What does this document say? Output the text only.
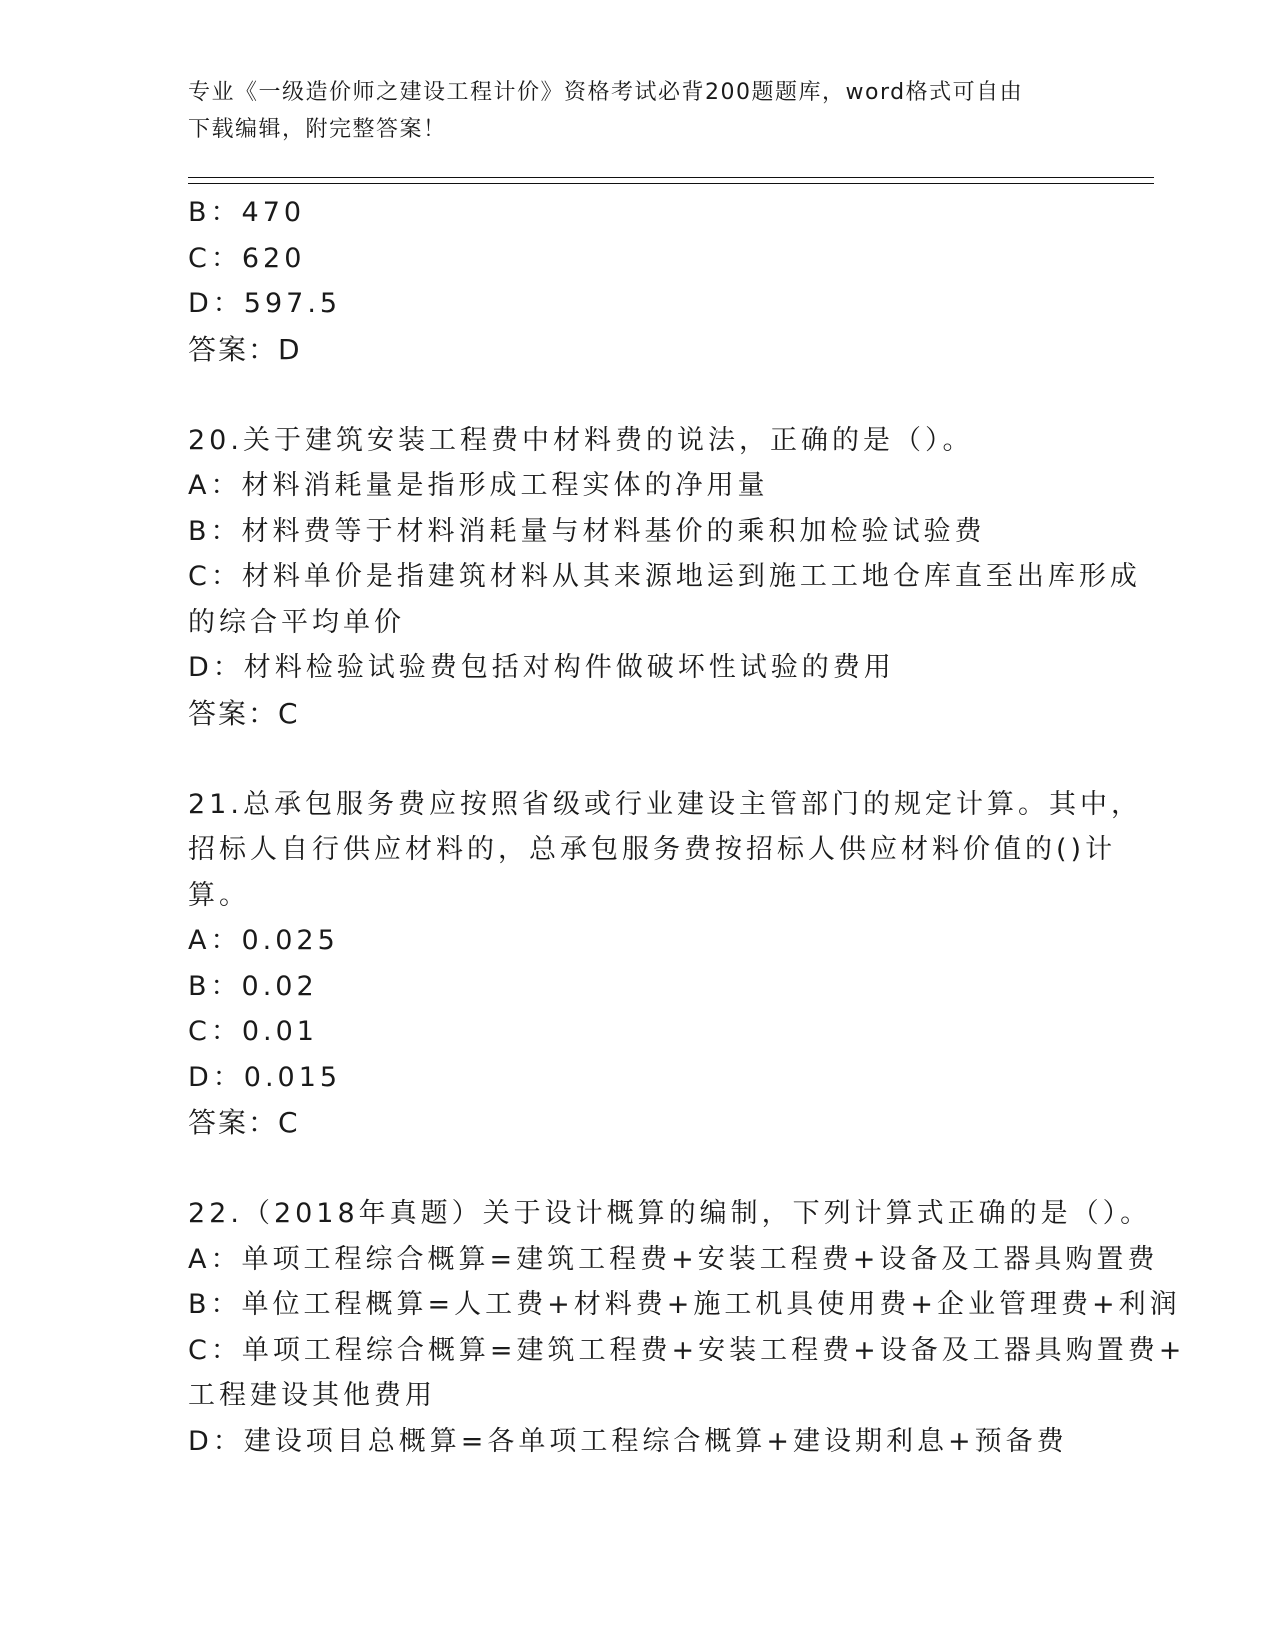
专业《一级造价师之建设工程计价》资格考试必背200题题库，word格式可自由
下载编辑，附完整答案！
B：470
C：620
D：597.5
答案：D
20.关于建筑安装工程费中材料费的说法，正确的是（）。
A：材料消耗量是指形成工程实体的净用量
B：材料费等于材料消耗量与材料基价的乘积加检验试验费
C：材料单价是指建筑材料从其来源地运到施工工地仓库直至出库形成
的综合平均单价
D：材料检验试验费包括对构件做破坏性试验的费用
答案：C
21.总承包服务费应按照省级或行业建设主管部门的规定计算。其中，
招标人自行供应材料的，总承包服务费按招标人供应材料价值的()计
算。
A：0.025
B：0.02
C：0.01
D：0.015
答案：C
22.（2018年真题）关于设计概算的编制，下列计算式正确的是（）。
A：单项工程综合概算=建筑工程费+安装工程费+设备及工器具购置费
B：单位工程概算=人工费+材料费+施工机具使用费+企业管理费+利润
C：单项工程综合概算=建筑工程费+安装工程费+设备及工器具购置费+
工程建设其他费用
D：建设项目总概算=各单项工程综合概算+建设期利息+预备费
